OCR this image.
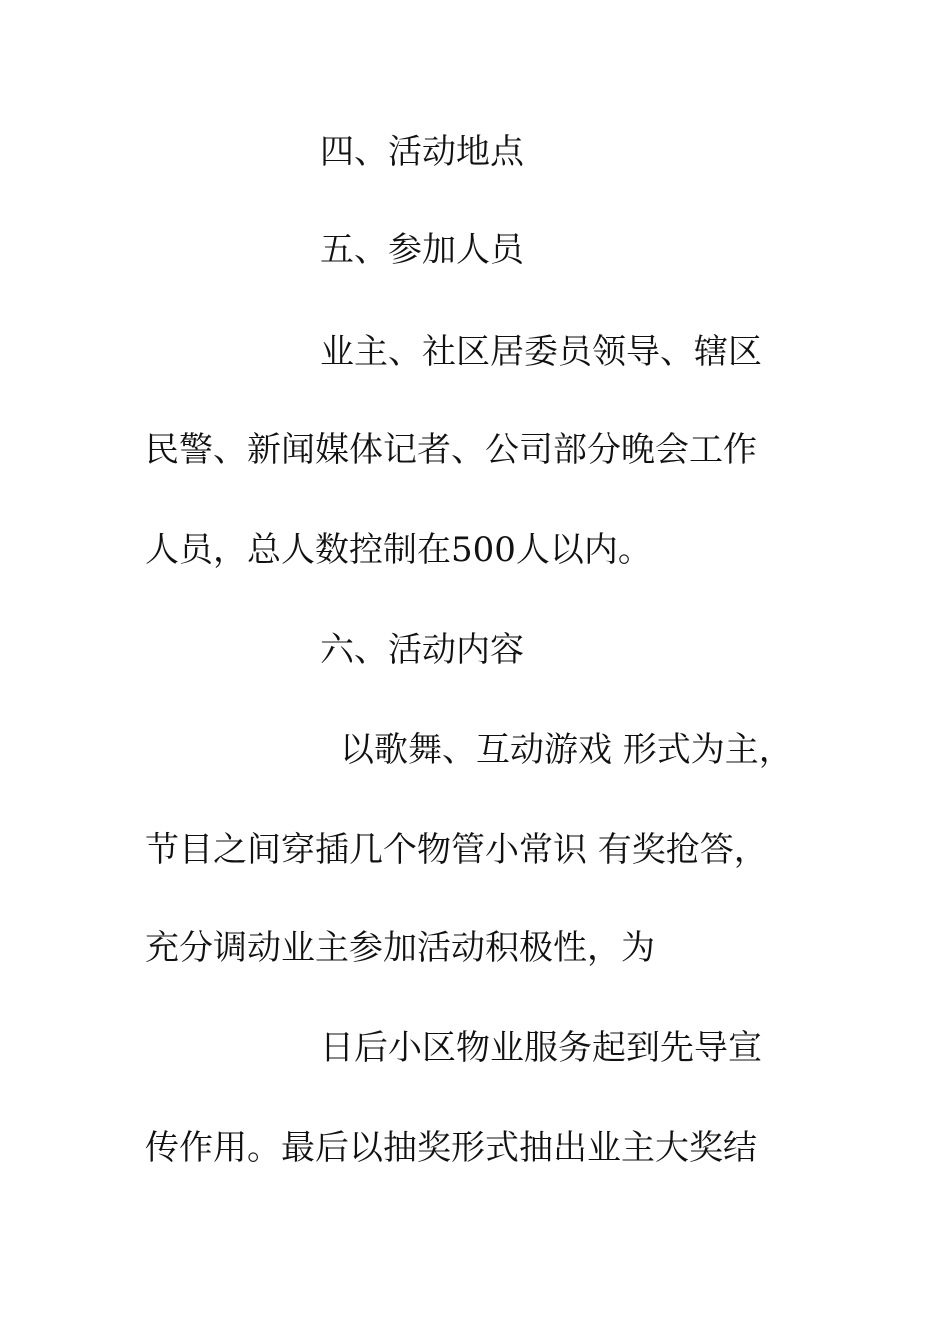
四、活动地点
五、参加人员
业主、社区居委员领导、辖区
民警、新闻媒体记者、公司部分晚会工作
人员，总人数控制在500人以内。
六、活动内容
以歌舞、互动游戏 形式为主，
节目之间穿插几个物管小常识 有奖抢答，
充分调动业主参加活动积极性，为
日后小区物业服务起到先导宣
传作用。最后以抽奖形式抽出业主大奖结
